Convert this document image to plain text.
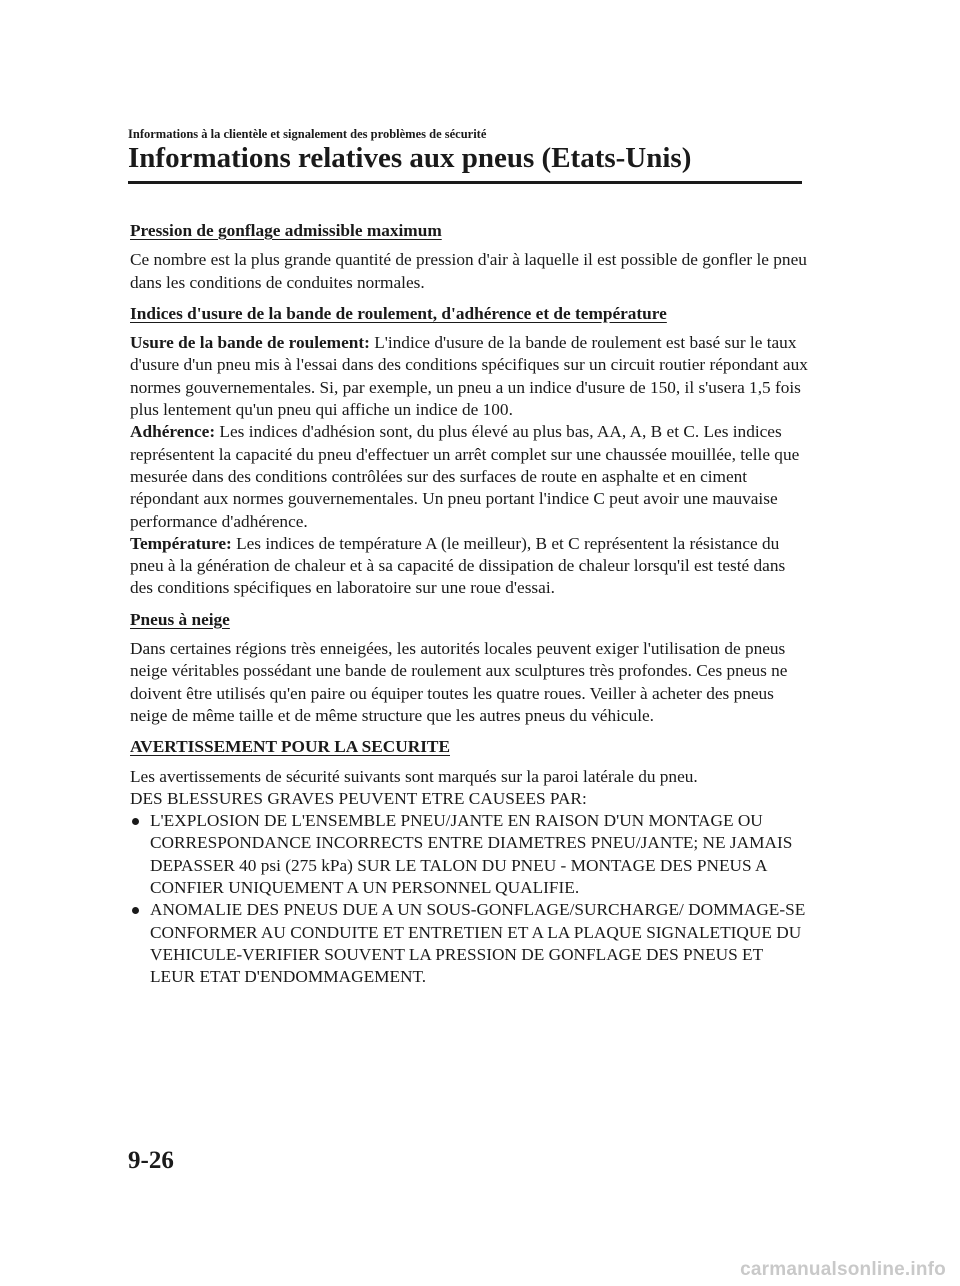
Informations à la clientèle et signalement des problèmes de sécurité
Informations relatives aux pneus (Etats-Unis)

Pression de gonflage admissible maximum

Ce nombre est la plus grande quantité de pression d'air à laquelle il est possible de gonfler le pneu dans les conditions de conduites normales.

Indices d'usure de la bande de roulement, d'adhérence et de température

Usure de la bande de roulement: L'indice d'usure de la bande de roulement est basé sur le taux d'usure d'un pneu mis à l'essai dans des conditions spécifiques sur un circuit routier répondant aux normes gouvernementales. Si, par exemple, un pneu a un indice d'usure de 150, il s'usera 1,5 fois plus lentement qu'un pneu qui affiche un indice de 100.

Adhérence: Les indices d'adhésion sont, du plus élevé au plus bas, AA, A, B et C. Les indices représentent la capacité du pneu d'effectuer un arrêt complet sur une chaussée mouillée, telle que mesurée dans des conditions contrôlées sur des surfaces de route en asphalte et en ciment répondant aux normes gouvernementales. Un pneu portant l'indice C peut avoir une mauvaise performance d'adhérence.

Température: Les indices de température A (le meilleur), B et C représentent la résistance du pneu à la génération de chaleur et à sa capacité de dissipation de chaleur lorsqu'il est testé dans des conditions spécifiques en laboratoire sur une roue d'essai.

Pneus à neige

Dans certaines régions très enneigées, les autorités locales peuvent exiger l'utilisation de pneus neige véritables possédant une bande de roulement aux sculptures très profondes. Ces pneus ne doivent être utilisés qu'en paire ou équiper toutes les quatre roues. Veiller à acheter des pneus neige de même taille et de même structure que les autres pneus du véhicule.

AVERTISSEMENT POUR LA SECURITE

Les avertissements de sécurité suivants sont marqués sur la paroi latérale du pneu.

DES BLESSURES GRAVES PEUVENT ETRE CAUSEES PAR:

L'EXPLOSION DE L'ENSEMBLE PNEU/JANTE EN RAISON D'UN MONTAGE OU CORRESPONDANCE INCORRECTS ENTRE DIAMETRES PNEU/JANTE; NE JAMAIS DEPASSER 40 psi (275 kPa) SUR LE TALON DU PNEU - MONTAGE DES PNEUS A CONFIER UNIQUEMENT A UN PERSONNEL QUALIFIE.
ANOMALIE DES PNEUS DUE A UN SOUS-GONFLAGE/SURCHARGE/ DOMMAGE-SE CONFORMER AU CONDUITE ET ENTRETIEN ET A LA PLAQUE SIGNALETIQUE DU VEHICULE-VERIFIER SOUVENT LA PRESSION DE GONFLAGE DES PNEUS ET LEUR ETAT D'ENDOMMAGEMENT.
9-26
carmanualsonline.info
